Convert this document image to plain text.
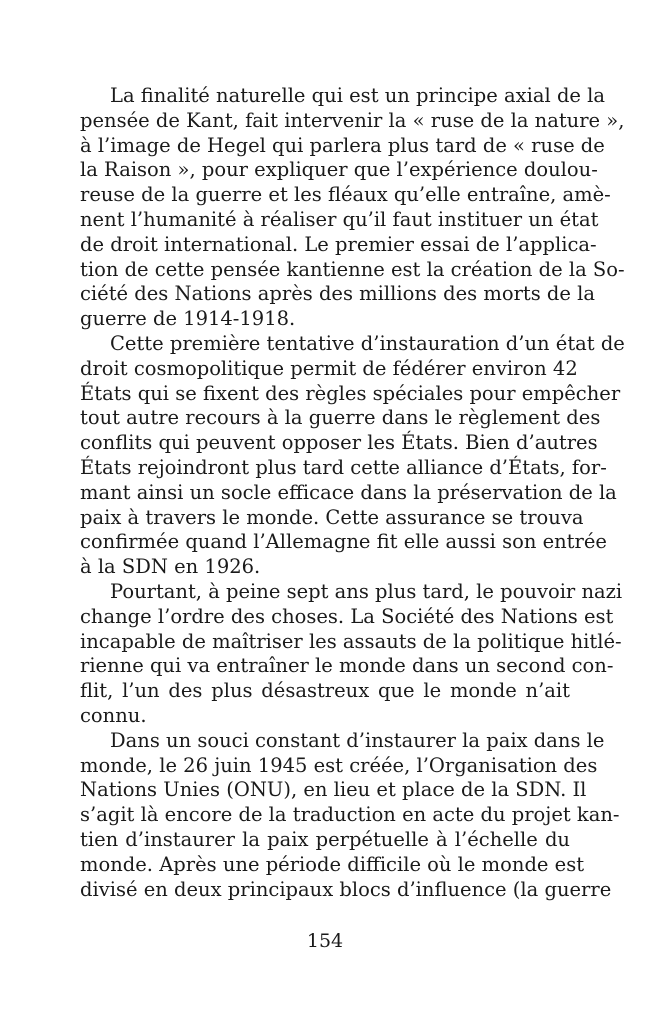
La finalité naturelle qui est un principe axial de la
pensée de Kant, fait intervenir la « ruse de la nature »,
à l’image de Hegel qui parlera plus tard de « ruse de
la Raison », pour expliquer que l’expérience doulou-
reuse de la guerre et les fléaux qu’elle entraîne, amè-
nent l’humanité à réaliser qu’il faut instituer un état
de droit international. Le premier essai de l’applica-
tion de cette pensée kantienne est la création de la So-
ciété des Nations après des millions des morts de la
guerre de 1914-1918.
Cette première tentative d’instauration d’un état de
droit cosmopolitique permit de fédérer environ 42
États qui se fixent des règles spéciales pour empêcher
tout autre recours à la guerre dans le règlement des
conflits qui peuvent opposer les États. Bien d’autres
États rejoindront plus tard cette alliance d’États, for-
mant ainsi un socle efficace dans la préservation de la
paix à travers le monde. Cette assurance se trouva
confirmée quand l’Allemagne fit elle aussi son entrée
à la SDN en 1926.
Pourtant, à peine sept ans plus tard, le pouvoir nazi
change l’ordre des choses. La Société des Nations est
incapable de maîtriser les assauts de la politique hitlé-
rienne qui va entraîner le monde dans un second con-
flit, l’un des plus désastreux que le monde n’ait
connu.
Dans un souci constant d’instaurer la paix dans le
monde, le 26 juin 1945 est créée, l’Organisation des
Nations Unies (ONU), en lieu et place de la SDN. Il
s’agit là encore de la traduction en acte du projet kan-
tien d’instaurer la paix perpétuelle à l’échelle du
monde. Après une période difficile où le monde est
divisé en deux principaux blocs d’influence (la guerre
154
